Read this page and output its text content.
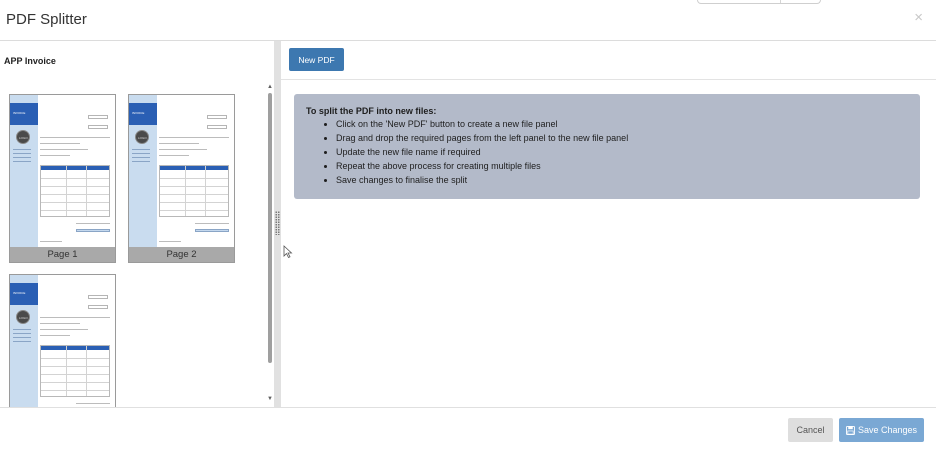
PDF Splitter	×
APP Invoice
INVOICE
LOGO
Page 1
INVOICE
LOGO
Page 2
INVOICE
LOGO
▲
▼
New PDF
To split the PDF into new files:
• Click on the 'New PDF' button to create a new file panel
• Drag and drop the required pages from the left panel to the new file panel
• Update the new file name if required
• Repeat the above process for creating multiple files
• Save changes to finalise the split
Cancel	Save Changes
